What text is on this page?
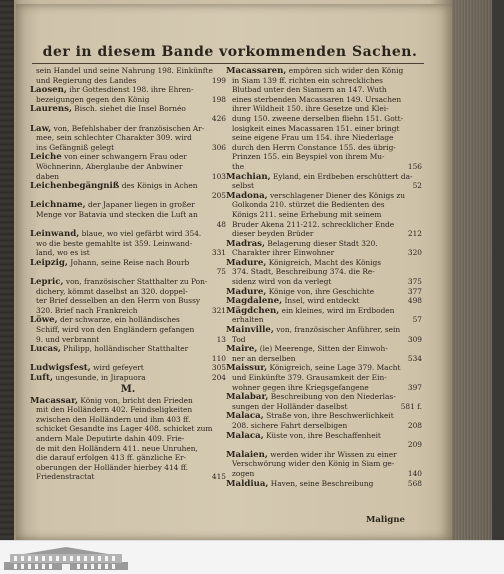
der in diesem Bande vorkommenden Sachen.
sein Handel und seine Nahrung 198. Einkünfte
199
und Regierung des Landes
Laosen, ihr Gottesdienst 198. ihre Ehren-
198
bezeigungen gegen den König
Laurens, Bisch. siehet die Insel Bornéo
426
Law, von, Befehlshaber der französischen Ar-
mee, sein schlechter Charakter 309. wird
306
ins Gefängniß gelegt
Leiche von einer schwangern Frau oder
Wöchnerinn, Aberglaube der Anbwiner
103
daben
Leichenbegängniß des Königs in Achen
205
Leichname, der Japaner liegen in großer
Menge vor Batavia und stecken die Luft an
48
Leinwand, blaue, wo viel gefärbt wird 354.
wo die beste gemahlte ist 359. Leinwand-
331
land, wo es ist
Leipzig, Johann, seine Reise nach Bourb
75
Lepric, von, französischer Statthalter zu Pon-
dichery, kömmt daselbst an 320. doppel-
ter Brief desselben an den Herrn von Bussy
321
320. Brief nach Frankreich
Löwe, der schwarze, ein holländisches
Schiff, wird von den Engländern gefangen
13
9. und verbrannt
Lucas, Philipp, holländischer Statthalter
110
305
Ludwigsfest, wird gefeyert
204
Luft, ungesunde, in Jirapuora
M.
Macassar, König von, bricht den Frieden
mit den Holländern 402. Feindseligkeiten
zwischen den Holländern und ihm 403 ff.
schicket Gesandte ins Lager 408. schicket zum
andern Male Deputirte dahin 409. Frie-
de mit den Holländern 411. neue Unruhen,
die darauf erfolgen 413 ff. gänzliche Er-
oberungen der Holländer hierbey 414 ff.
415
Friedenstractat
Macassaren, empören sich wider den König
in Siam 139 ff. richten ein schreckliches
Blutbad unter den Siamern an 147. Wuth
eines sterbenden Macassaren 149. Ursachen
ihrer Wildheit 150. ihre Gesetze und Klei-
dung 150. zweene derselben fliehn 151. Gott-
losigkeit eines Macassaren 151. einer bringt
seine eigene Frau um 154. ihre Niederlage
durch den Herrn Constance 155. des übrig-
Prinzen 155. ein Beyspiel von ihrem Mu-
156
the
Machian, Eyland, ein Erdbeben erschüttert da-
52
selbst
Madona, verschlagener Diener des Königs zu
Golkonda 210. stürzet die Bedienten des
Königs 211. seine Erhebung mit seinem
Bruder Akena 211-212. schrecklicher Ende
212
dieser beyden Brüder
Madras, Belagerung dieser Stadt 320.
320
Charakter ihrer Einwohner
Madure, Königreich, Macht des Königs
374. Stadt, Beschreibung 374. die Re-
375
sidenz wird von da verlegt
377
Madure, Könige von, ihre Geschichte
498
Magdalene, Insel, wird entdeckt
Mägdchen, ein kleines, wird im Erdboden
57
erhalten
Mainville, von, französischer Anführer, sein
309
Tod
Maire, (le) Meerenge, Sitten der Einwoh-
534
ner an derselben
Maissur, Königreich, seine Lage 379. Macht
und Einkünfte 379. Grausamkeit der Ein-
397
wohner gegen ihre Kriegsgefangene
Malabar, Beschreibung von den Niederlas-
581 f.
sungen der Holländer daselbst
Malaca, Straße von, ihre Beschwerlichkeit
208
208. sichere Fahrt derselbigen
Malaca, Küste von, ihre Beschaffenheit
209
Malaien, werden wider ihr Wissen zu einer
Verschwörung wider den König in Siam ge-
140
zogen
568
Maldiua, Haven, seine Beschreibung
Maligne
